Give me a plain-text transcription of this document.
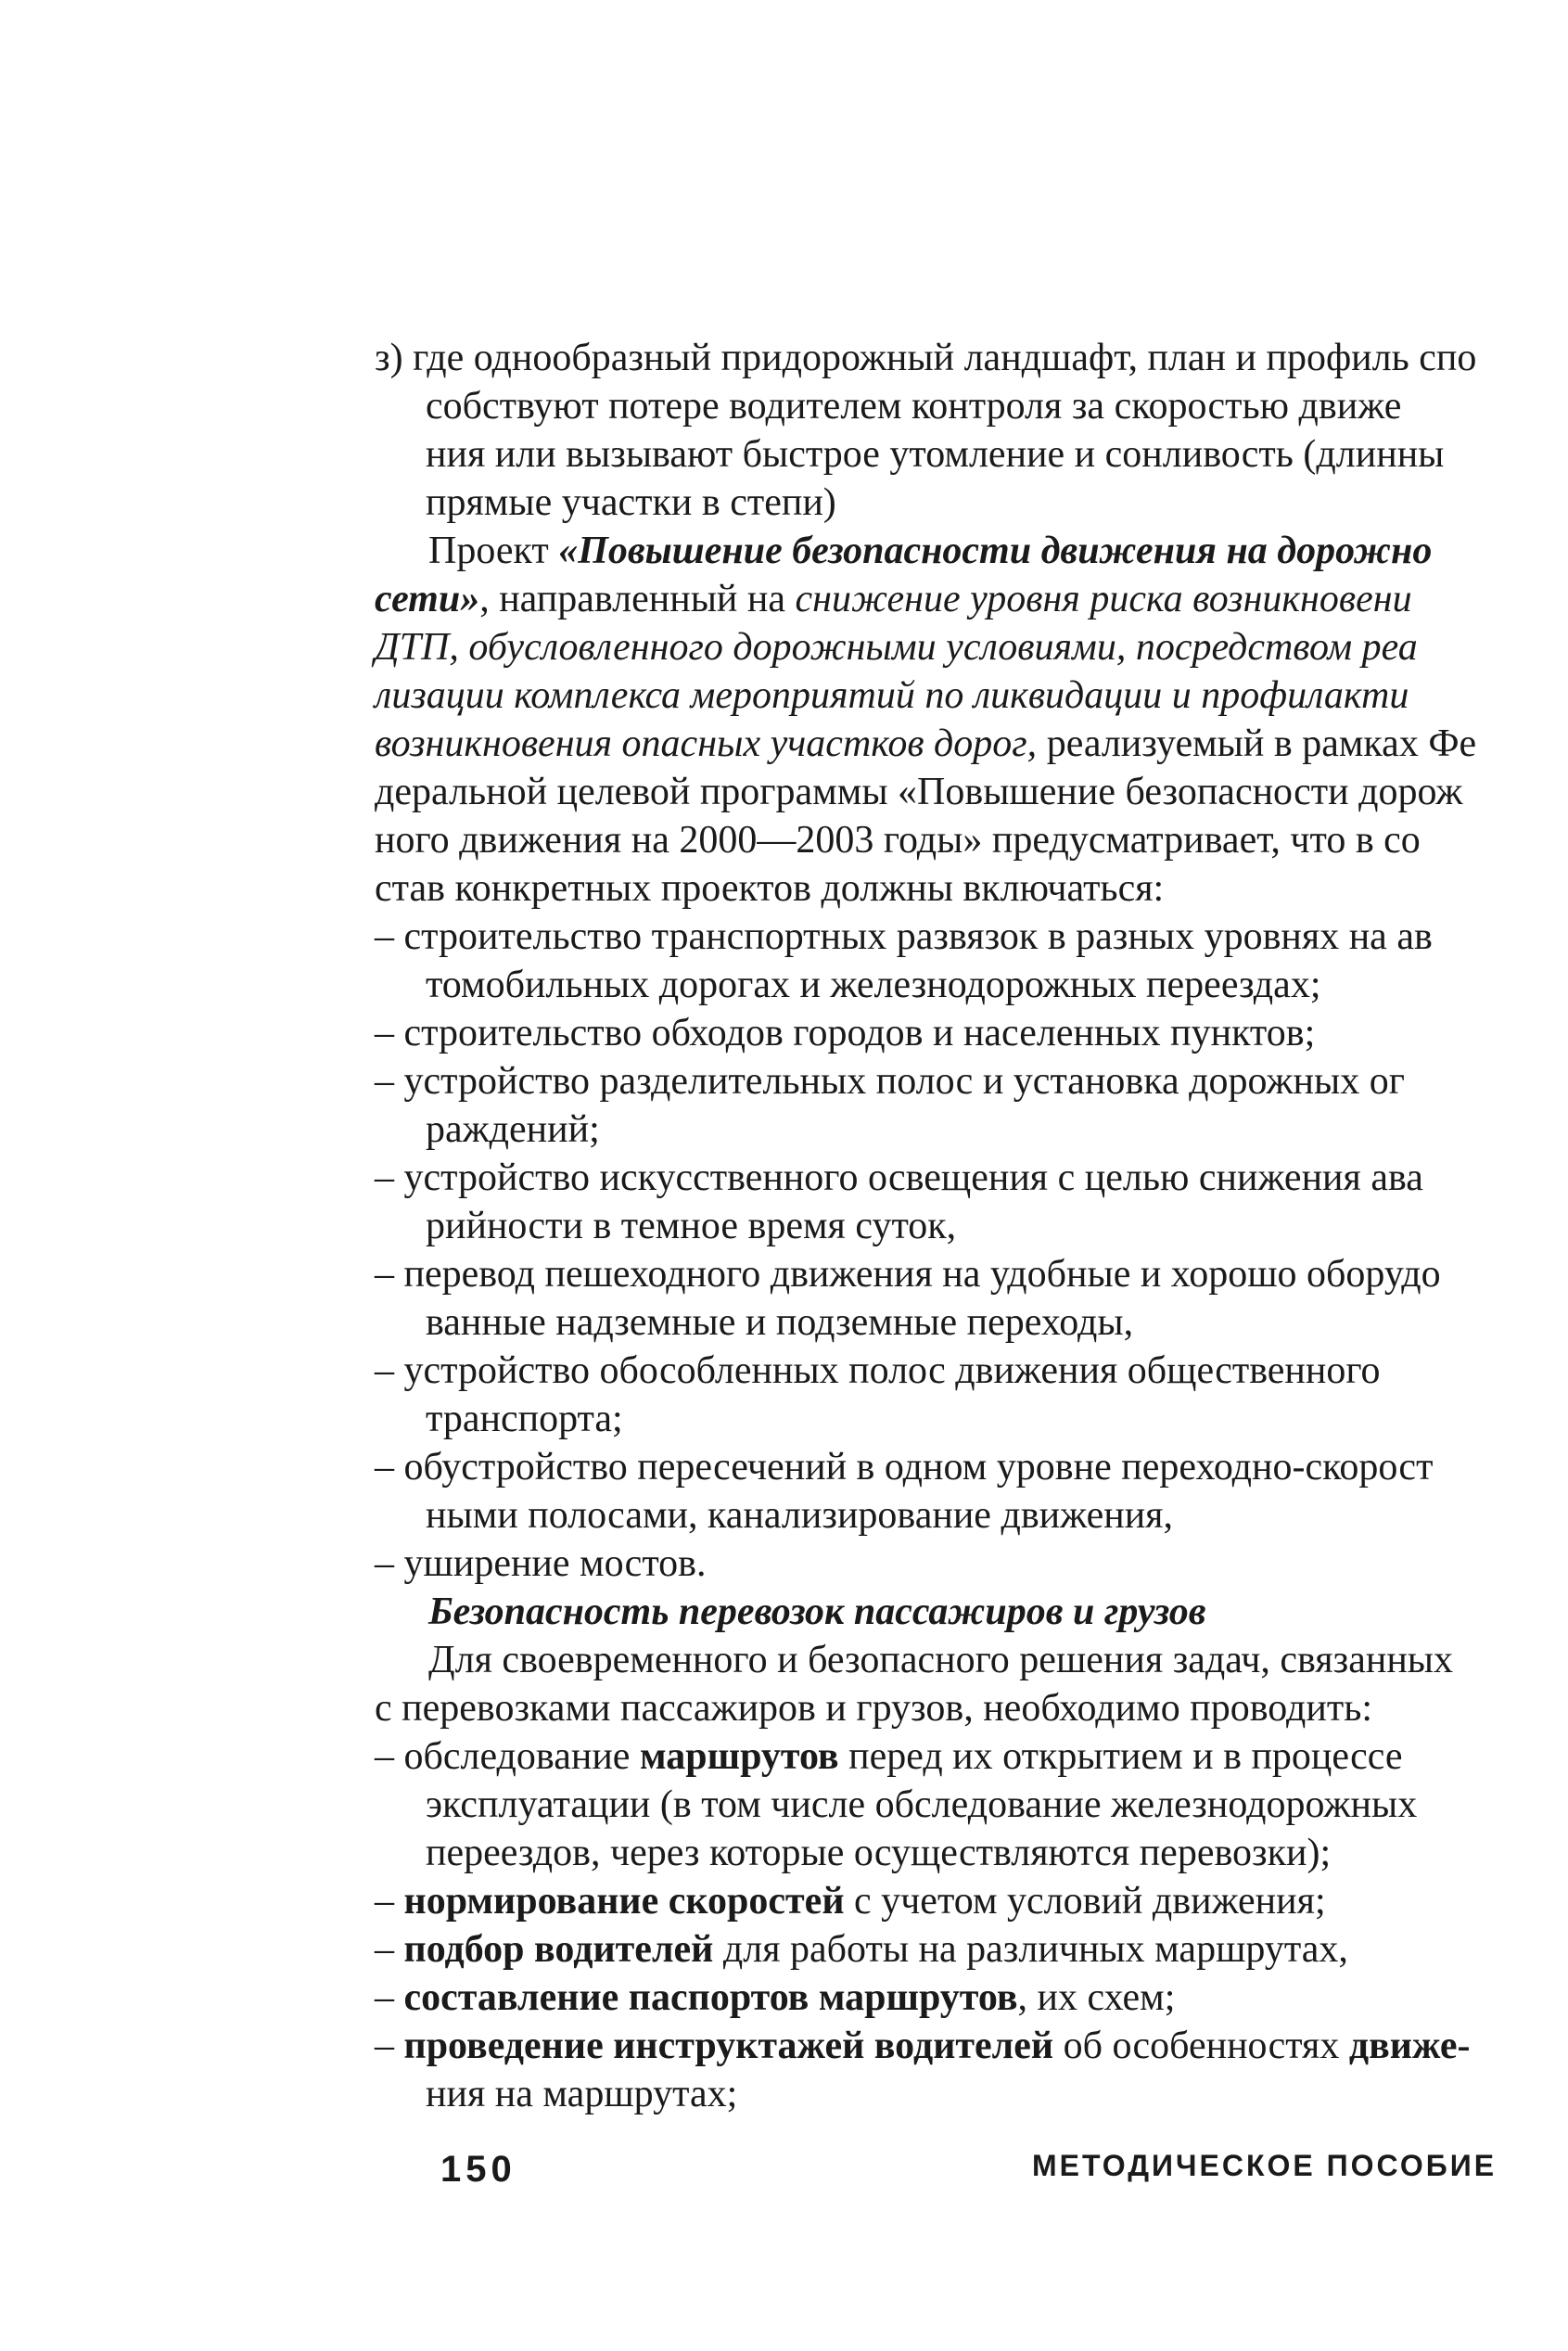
з) где однообразный придорожный ландшафт, план и профиль спо
собствуют потере водителем контроля за скоростью движе
ния или вызывают быстрое утомление и сонливость (длинны
прямые участки в степи)
Проект «Повышение безопасности движения на дорожно
сети», направленный на снижение уровня риска возникновени
ДТП, обусловленного дорожными условиями, посредством реа
лизации комплекса мероприятий по ликвидации и профилакти
возникновения опасных участков дорог, реализуемый в рамках Фе
деральной целевой программы «Повышение безопасности дорож
ного движения на 2000—2003 годы» предусматривает, что в со
став конкретных проектов должны включаться:
– строительство транспортных развязок в разных уровнях на ав
томобильных дорогах и железнодорожных переездах;
– строительство обходов городов и населенных пунктов;
– устройство разделительных полос и установка дорожных ог
раждений;
– устройство искусственного освещения с целью снижения ава
рийности в темное время суток,
– перевод пешеходного движения на удобные и хорошо оборудо
ванные надземные и подземные переходы,
– устройство обособленных полос движения общественного
транспорта;
– обустройство пересечений в одном уровне переходно-скорост
ными полосами, канализирование движения,
– уширение мостов.
Безопасность перевозок пассажиров и грузов
Для своевременного и безопасного решения задач, связанных
с перевозками пассажиров и грузов, необходимо проводить:
– обследование маршрутов перед их открытием и в процессе
эксплуатации (в том числе обследование железнодорожных
переездов, через которые осуществляются перевозки);
– нормирование скоростей с учетом условий движения;
– подбор водителей для работы на различных маршрутах,
– составление паспортов маршрутов, их схем;
– проведение инструктажей водителей об особенностях движе-
ния на маршрутах;
150	МЕТОДИЧЕСКОЕ ПОСОБИЕ
